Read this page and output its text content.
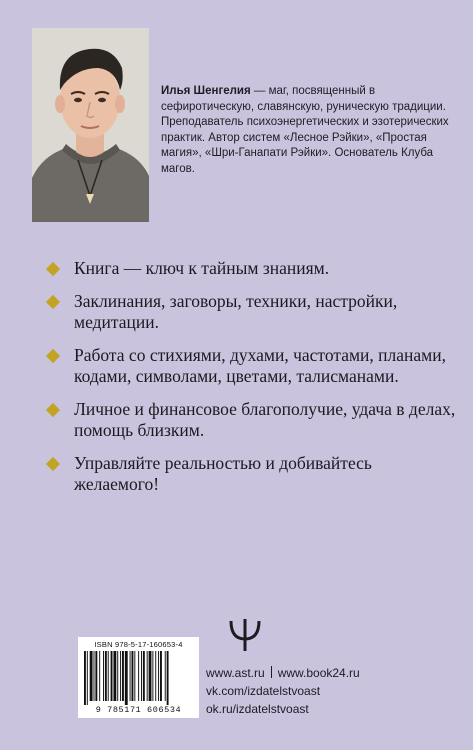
Илья Шенгелия — маг, посвященный в сефиротическую, славянскую, руническую традиции. Преподаватель психоэнергетических и эзотерических практик. Автор систем «Лесное Рэйки», «Простая магия», «Шри-Ганапати Рэйки». Основатель Клуба магов.
Книга — ключ к тайным знаниям.
Заклинания, заговоры, техники, настройки, медитации.
Работа со стихиями, духами, частотами, планами, кодами, символами, цветами, талисманами.
Личное и финансовое благополучие, удача в делах, помощь близким.
Управляйте реальностью и добивайтесь желаемого!
ISBN 978-5-17-160653-4
9 785171 606534
www.ast.ru www.book24.ru
vk.com/izdatelstvoast
ok.ru/izdatelstvoast
